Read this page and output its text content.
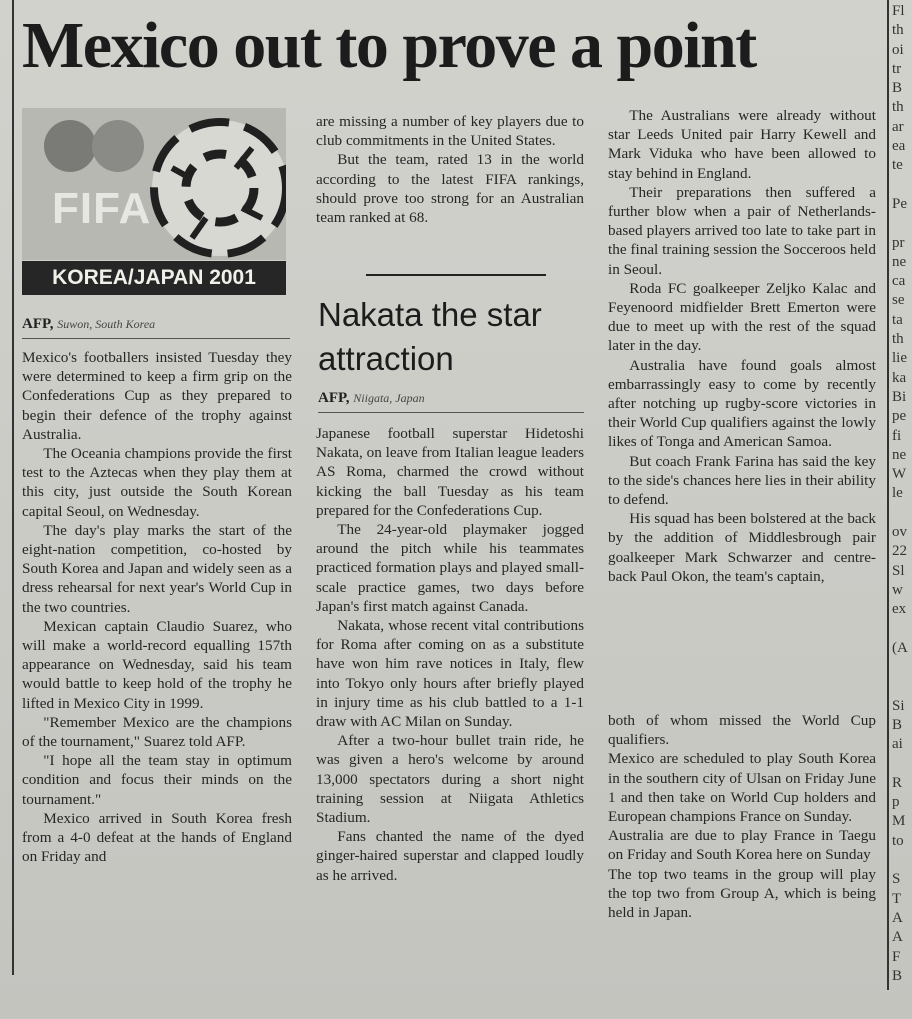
Mexico out to prove a point
FIFA
KOREA/JAPAN 2001
AFP, Suwon, South Korea

Mexico's footballers insisted Tuesday they were determined to keep a firm grip on the Confederations Cup as they prepared to begin their defence of the trophy against Australia.

The Oceania champions provide the first test to the Aztecas when they play them at this city, just outside the South Korean capital Seoul, on Wednesday.

The day's play marks the start of the eight-nation competition, co-hosted by South Korea and Japan and widely seen as a dress rehearsal for next year's World Cup in the two countries.

Mexican captain Claudio Suarez, who will make a world-record equalling 157th appearance on Wednesday, said his team would battle to keep hold of the trophy he lifted in Mexico City in 1999.

"Remember Mexico are the champions of the tournament," Suarez told AFP.

"I hope all the team stay in optimum condition and focus their minds on the tournament."

Mexico arrived in South Korea fresh from a 4-0 defeat at the hands of England on Friday and

are missing a number of key players due to club commitments in the United States.

But the team, rated 13 in the world according to the latest FIFA rankings, should prove too strong for an Australian team ranked at 68.

Nakata the star attraction
AFP, Niigata, Japan

Japanese football superstar Hidetoshi Nakata, on leave from Italian league leaders AS Roma, charmed the crowd without kicking the ball Tuesday as his team prepared for the Confederations Cup.

The 24-year-old playmaker jogged around the pitch while his teammates practiced formation plays and played small-scale practice games, two days before Japan's first match against Canada.

Nakata, whose recent vital contributions for Roma after coming on as a substitute have won him rave notices in Italy, flew into Tokyo only hours after briefly played in injury time as his club battled to a 1-1 draw with AC Milan on Sunday.

After a two-hour bullet train ride, he was given a hero's welcome by around 13,000 spectators during a short night training session at Niigata Athletics Stadium.

Fans chanted the name of the dyed ginger-haired superstar and clapped loudly as he arrived.

The Australians were already without star Leeds United pair Harry Kewell and Mark Viduka who have been allowed to stay behind in England.

Their preparations then suffered a further blow when a pair of Netherlands-based players arrived too late to take part in the final training session the Socceroos held in Seoul.

Roda FC goalkeeper Zeljko Kalac and Feyenoord midfielder Brett Emerton were due to meet up with the rest of the squad later in the day.

Australia have found goals almost embarrassingly easy to come by recently after notching up rugby-score victories in their World Cup qualifiers against the lowly likes of Tonga and American Samoa.

But coach Frank Farina has said the key to the side's chances here lies in their ability to defend.

His squad has been bolstered at the back by the addition of Middlesbrough pair goalkeeper Mark Schwarzer and centre-back Paul Okon, the team's captain,

both of whom missed the World Cup qualifiers.

Mexico are scheduled to play South Korea in the southern city of Ulsan on Friday June 1 and then take on World Cup holders and European champions France on Sunday.

Australia are due to play France in Taegu on Friday and South Korea here on Sunday

The top two teams in the group will play the top two from Group A, which is being held in Japan.

Fl
th
oi
tr
B
th
ar
ea
te
Pe
pr
ne
ca
se
ta
th
lie
ka
Bi
pe
fi
ne
W
le
ov
22
Sl
w
ex
(A
Si
B
ai
R
p
M
to
S
T
A
A
F
B
